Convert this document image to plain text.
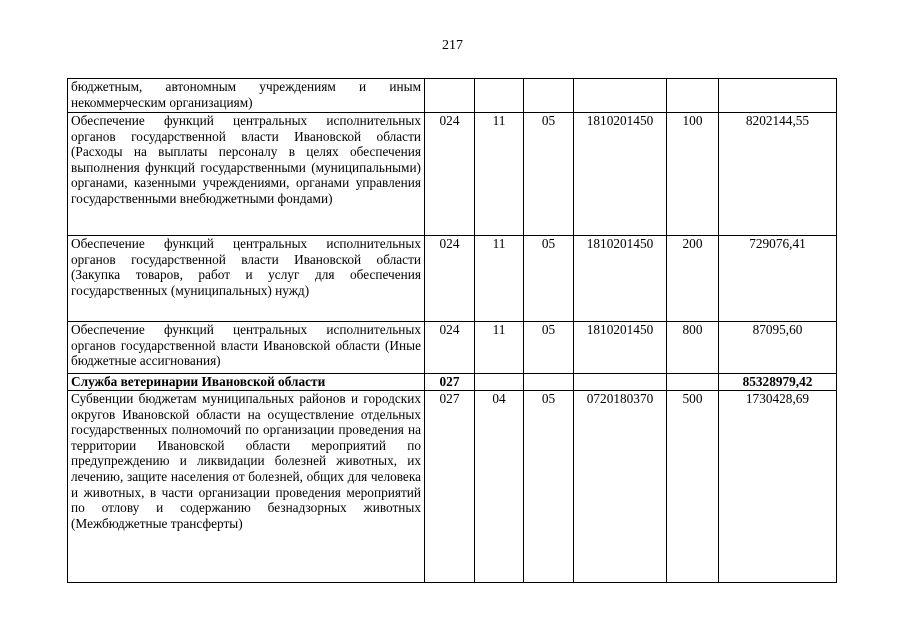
217
бюджетным, автономным учреждениям и иным некоммерческим организациям)						
Обеспечение функций центральных исполнительных органов государственной власти Ивановской области (Расходы на выплаты персоналу в целях обеспечения выполнения функций государственными (муниципальными) органами, казенными учреждениями, органами управления государственными внебюджетными фондами)	024	11	05	1810201450	100	8202144,55
Обеспечение функций центральных исполнительных органов государственной власти Ивановской области (Закупка товаров, работ и услуг для обеспечения государственных (муниципальных) нужд)	024	11	05	1810201450	200	729076,41
Обеспечение функций центральных исполнительных органов государственной власти Ивановской области (Иные бюджетные ассигнования)	024	11	05	1810201450	800	87095,60
Служба ветеринарии Ивановской области	027					85328979,42
Субвенции бюджетам муниципальных районов и городских округов Ивановской области на осуществление отдельных государственных полномочий по организации проведения на территории Ивановской области мероприятий по предупреждению и ликвидации болезней животных, их лечению, защите населения от болезней, общих для человека и животных, в части организации проведения мероприятий по отлову и содержанию безнадзорных животных (Межбюджетные трансферты)	027	04	05	0720180370	500	1730428,69
